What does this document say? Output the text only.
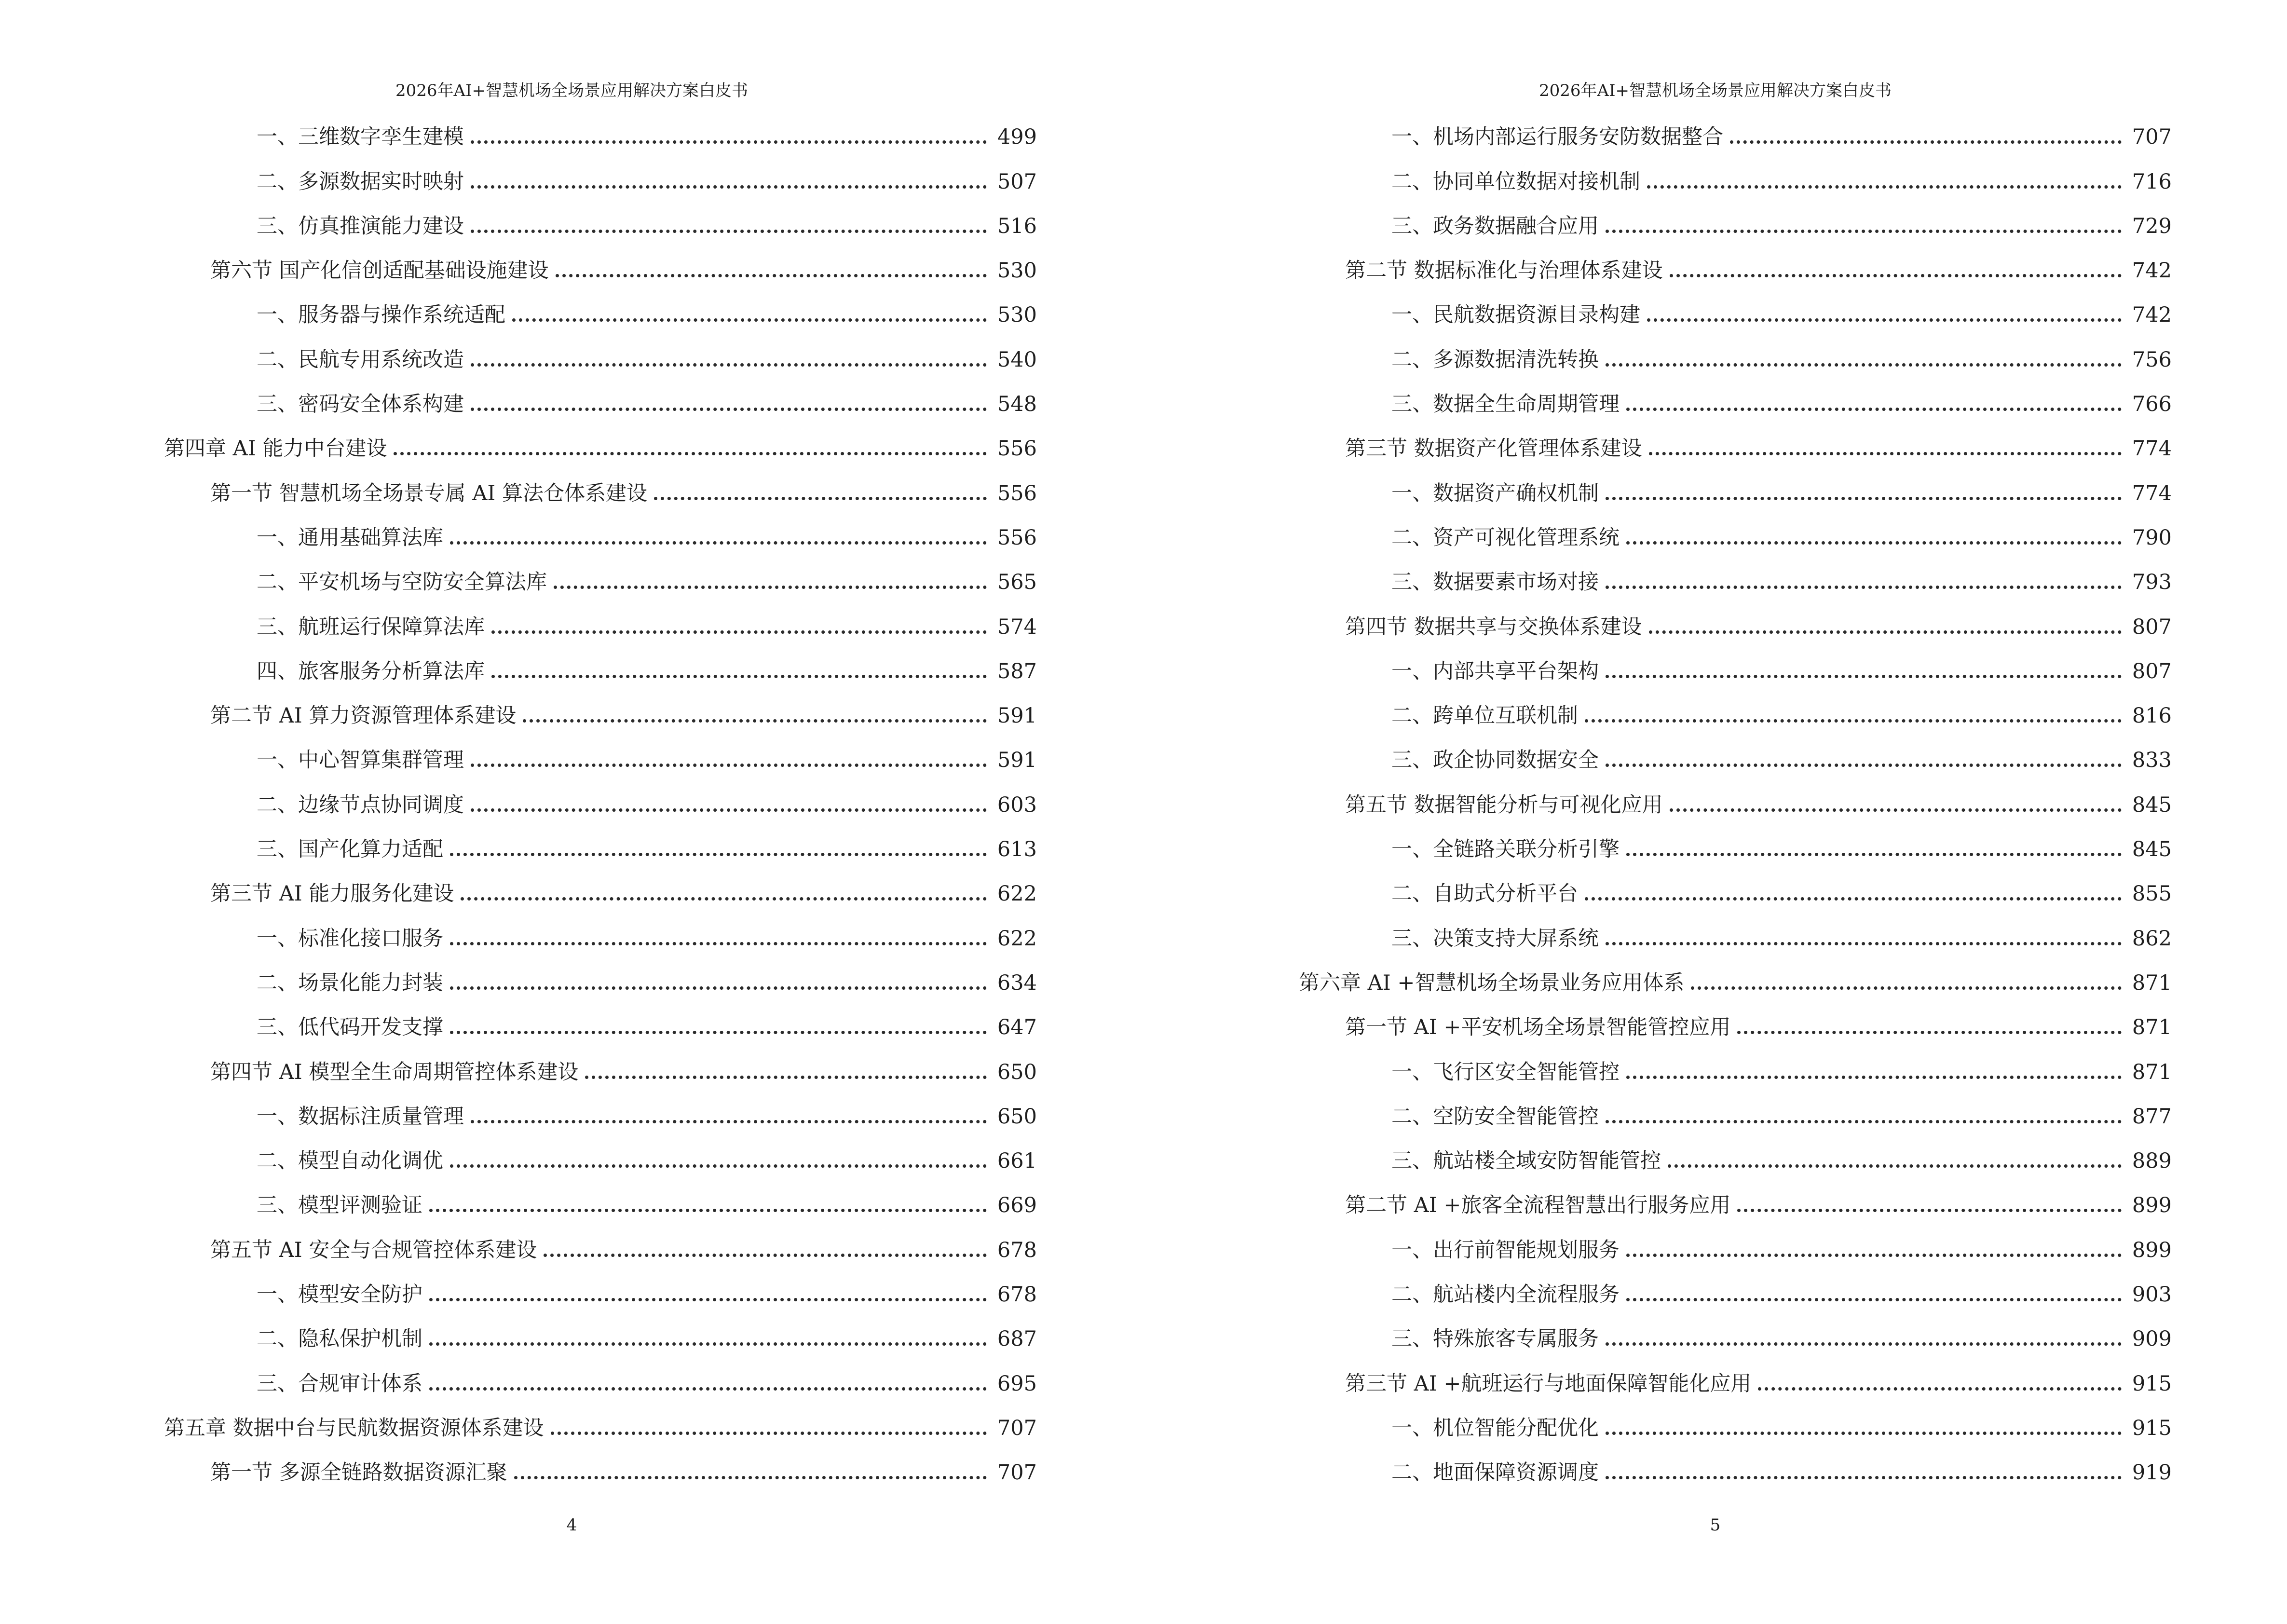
2026年AI+智慧机场全场景应用解决方案白皮书
一、三维数字孪生建模	499
二、多源数据实时映射	507
三、仿真推演能力建设	516
第六节 国产化信创适配基础设施建设	530
一、服务器与操作系统适配	530
二、民航专用系统改造	540
三、密码安全体系构建	548
第四章 AI 能力中台建设	556
第一节 智慧机场全场景专属 AI 算法仓体系建设	556
一、通用基础算法库	556
二、平安机场与空防安全算法库	565
三、航班运行保障算法库	574
四、旅客服务分析算法库	587
第二节 AI 算力资源管理体系建设	591
一、中心智算集群管理	591
二、边缘节点协同调度	603
三、国产化算力适配	613
第三节 AI 能力服务化建设	622
一、标准化接口服务	622
二、场景化能力封装	634
三、低代码开发支撑	647
第四节 AI 模型全生命周期管控体系建设	650
一、数据标注质量管理	650
二、模型自动化调优	661
三、模型评测验证	669
第五节 AI 安全与合规管控体系建设	678
一、模型安全防护	678
二、隐私保护机制	687
三、合规审计体系	695
第五章 数据中台与民航数据资源体系建设	707
第一节 多源全链路数据资源汇聚	707
4
2026年AI+智慧机场全场景应用解决方案白皮书
一、机场内部运行服务安防数据整合	707
二、协同单位数据对接机制	716
三、政务数据融合应用	729
第二节 数据标准化与治理体系建设	742
一、民航数据资源目录构建	742
二、多源数据清洗转换	756
三、数据全生命周期管理	766
第三节 数据资产化管理体系建设	774
一、数据资产确权机制	774
二、资产可视化管理系统	790
三、数据要素市场对接	793
第四节 数据共享与交换体系建设	807
一、内部共享平台架构	807
二、跨单位互联机制	816
三、政企协同数据安全	833
第五节 数据智能分析与可视化应用	845
一、全链路关联分析引擎	845
二、自助式分析平台	855
三、决策支持大屏系统	862
第六章 AI +智慧机场全场景业务应用体系	871
第一节 AI +平安机场全场景智能管控应用	871
一、飞行区安全智能管控	871
二、空防安全智能管控	877
三、航站楼全域安防智能管控	889
第二节 AI +旅客全流程智慧出行服务应用	899
一、出行前智能规划服务	899
二、航站楼内全流程服务	903
三、特殊旅客专属服务	909
第三节 AI +航班运行与地面保障智能化应用	915
一、机位智能分配优化	915
二、地面保障资源调度	919
5
